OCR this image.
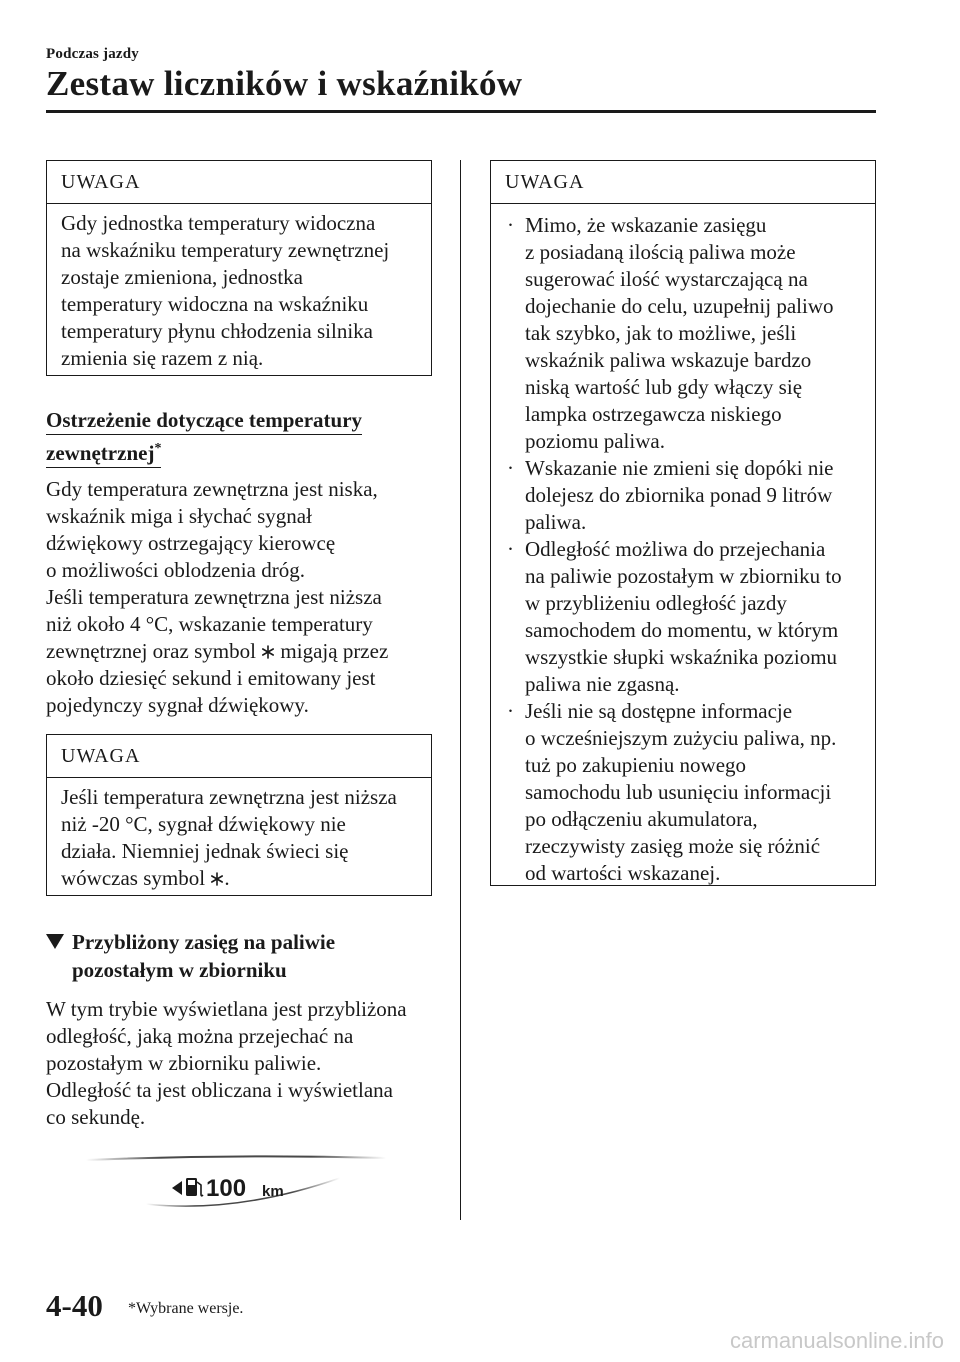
Podczas jazdy
Zestaw liczników i wskaźników
UWAGA
Gdy jednostka temperatury widoczna
na wskaźniku temperatury zewnętrznej
zostaje zmieniona, jednostka
temperatury widoczna na wskaźniku
temperatury płynu chłodzenia silnika
zmienia się razem z nią.
Ostrzeżenie dotyczące temperatury
zewnętrznej*
Gdy temperatura zewnętrzna jest niska,
wskaźnik miga i słychać sygnał
dźwiękowy ostrzegający kierowcę
o możliwości oblodzenia dróg.
Jeśli temperatura zewnętrzna jest niższa
niż około 4 °C, wskazanie temperatury
zewnętrznej oraz symbol migają przez
około dziesięć sekund i emitowany jest
pojedynczy sygnał dźwiękowy.
UWAGA
Jeśli temperatura zewnętrzna jest niższa
niż -20 °C, sygnał dźwiękowy nie
działa. Niemniej jednak świeci się
wówczas symbol .
Przybliżony zasięg na paliwie
pozostałym w zbiorniku
W tym trybie wyświetlana jest przybliżona
odległość, jaką można przejechać na
pozostałym w zbiorniku paliwie.
Odległość ta jest obliczana i wyświetlana
co sekundę.
100 km
UWAGA
· Mimo, że wskazanie zasięgu
z posiadaną ilością paliwa może
sugerować ilość wystarczającą na
dojechanie do celu, uzupełnij paliwo
tak szybko, jak to możliwe, jeśli
wskaźnik paliwa wskazuje bardzo
niską wartość lub gdy włączy się
lampka ostrzegawcza niskiego
poziomu paliwa.
· Wskazanie nie zmieni się dopóki nie
dolejesz do zbiornika ponad 9 litrów
paliwa.
· Odległość możliwa do przejechania
na paliwie pozostałym w zbiorniku to
w przybliżeniu odległość jazdy
samochodem do momentu, w którym
wszystkie słupki wskaźnika poziomu
paliwa nie zgasną.
· Jeśli nie są dostępne informacje
o wcześniejszym zużyciu paliwa, np.
tuż po zakupieniu nowego
samochodu lub usunięciu informacji
po odłączeniu akumulatora,
rzeczywisty zasięg może się różnić
od wartości wskazanej.
4-40 *Wybrane wersje.
carmanualsonline.info
